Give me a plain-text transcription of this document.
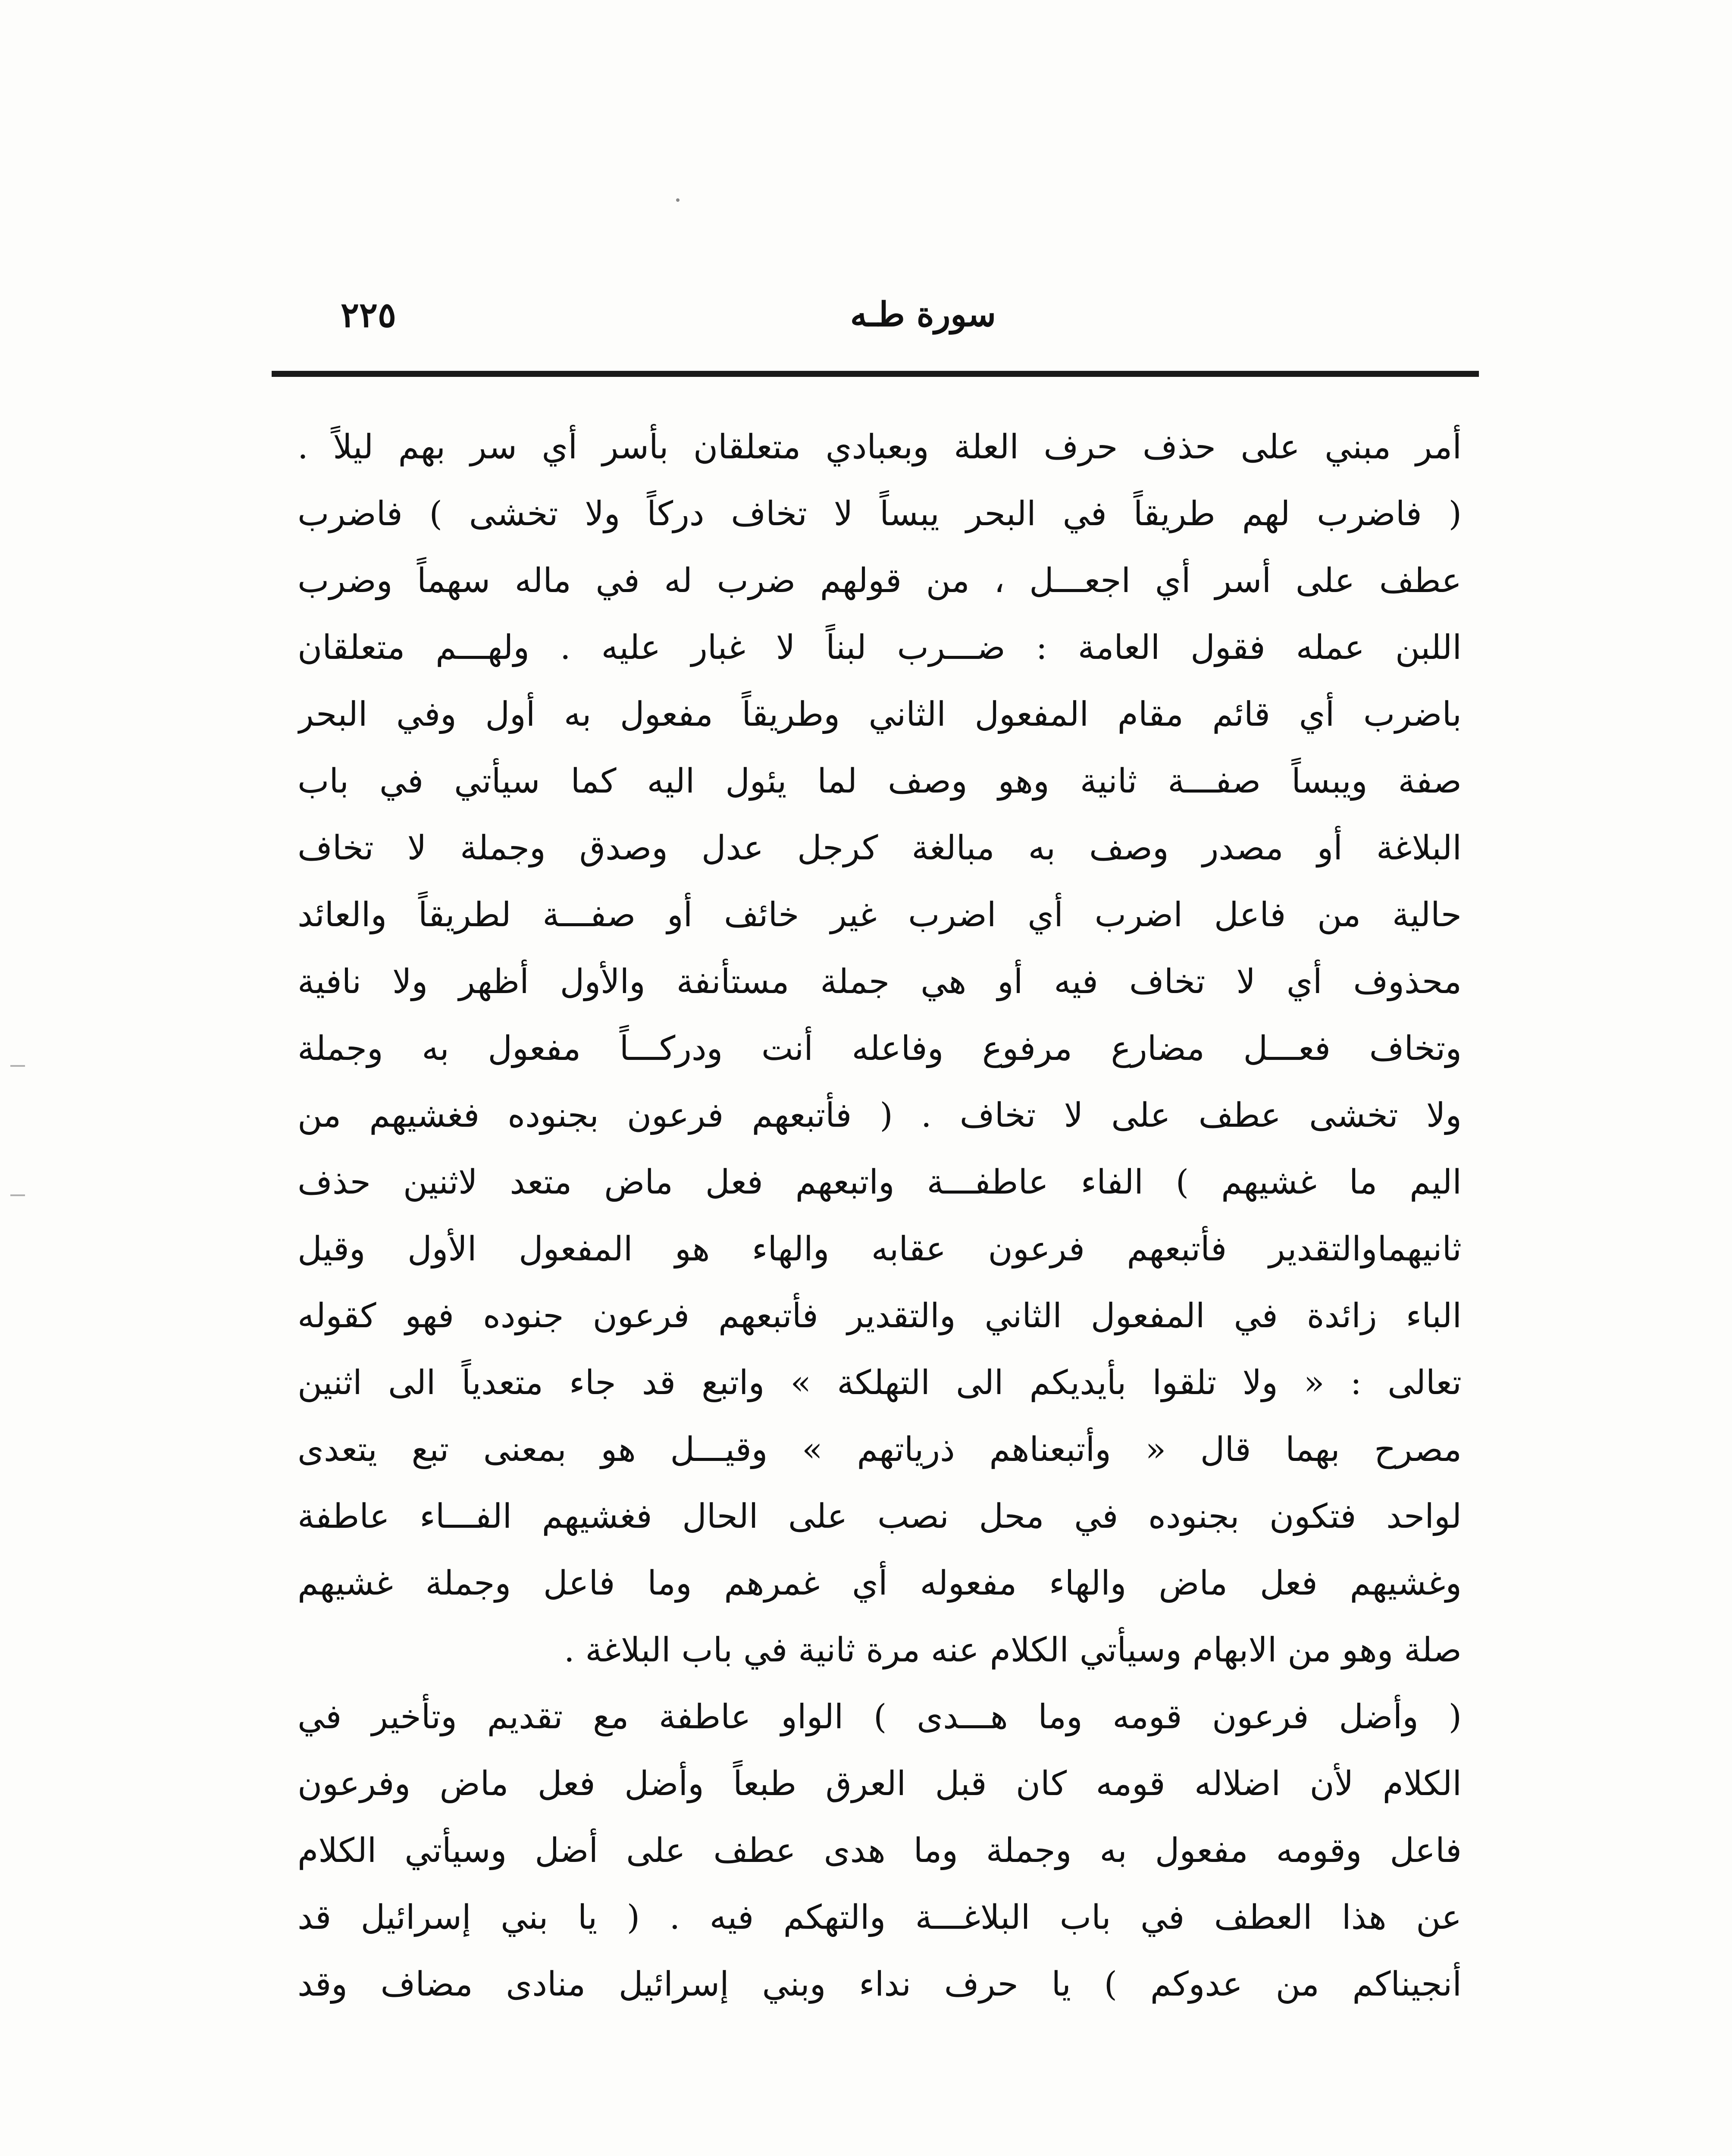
سورة طـه
٢٢٥
أمر مبني على حذف حرف العلة وبعبادي متعلقان بأسر أي سر بهم ليلاً .
( فاضرب لهم طريقاً في البحر يبساً لا تخاف دركاً ولا تخشى ) فاضرب
عطف على أسر أي اجعـــل ، من قولهم ضرب له في ماله سهماً وضرب
اللبن عمله فقول العامة : ضـــرب لبناً لا غبار عليه . ولهـــم متعلقان
باضرب أي قائم مقام المفعول الثاني وطريقاً مفعول به أول وفي البحر
صفة ويبساً صفـــة ثانية وهو وصف لما يئول اليه كما سيأتي في باب
البلاغة أو مصدر وصف به مبالغة كرجل عدل وصدق وجملة لا تخاف
حالية من فاعل اضرب أي اضرب غير خائف أو صفـــة لطريقاً والعائد
محذوف أي لا تخاف فيه أو هي جملة مستأنفة والأول أظهر ولا نافية
وتخاف فعـــل مضارع مرفوع وفاعله أنت ودركـــاً مفعول به وجملة
ولا تخشى عطف على لا تخاف . ( فأتبعهم فرعون بجنوده فغشيهم من
اليم ما غشيهم ) الفاء عاطفـــة واتبعهم فعل ماض متعد لاثنين حذف
ثانيهماوالتقدير فأتبعهم فرعون عقابه والهاء هو المفعول الأول وقيل
الباء زائدة في المفعول الثاني والتقدير فأتبعهم فرعون جنوده فهو كقوله
تعالى : « ولا تلقوا بأيديكم الى التهلكة » واتبع قد جاء متعدياً الى اثنين
مصرح بهما قال « وأتبعناهم ذرياتهم » وقيـــل هو بمعنى تبع يتعدى
لواحد فتكون بجنوده في محل نصب على الحال فغشيهم الفـــاء عاطفة
وغشيهم فعل ماض والهاء مفعوله أي غمرهم وما فاعل وجملة غشيهم
صلة وهو من الابهام وسيأتي الكلام عنه مرة ثانية في باب البلاغة .
( وأضل فرعون قومه وما هـــدى ) الواو عاطفة مع تقديم وتأخير في
الكلام لأن اضلاله قومه كان قبل العرق طبعاً وأضل فعل ماض وفرعون
فاعل وقومه مفعول به وجملة وما هدى عطف على أضل وسيأتي الكلام
عن هذا العطف في باب البلاغـــة والتهكم فيه . ( يا بني إسرائيل قد
أنجيناكم من عدوكم ) يا حرف نداء وبني إسرائيل منادى مضاف وقد
